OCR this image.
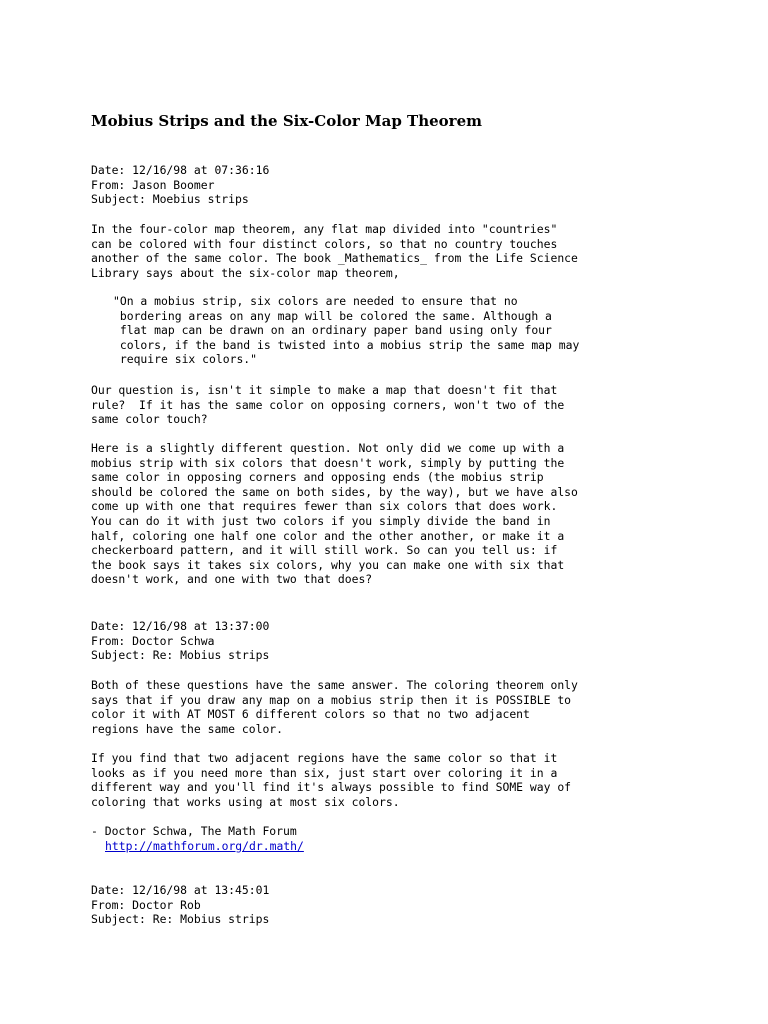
Mobius Strips and the Six-Color Map Theorem
Date: 12/16/98 at 07:36:16
From: Jason Boomer
Subject: Moebius strips
In the four-color map theorem, any flat map divided into "countries"
can be colored with four distinct colors, so that no country touches
another of the same color. The book _Mathematics_ from the Life Science
Library says about the six-color map theorem,
"On a mobius strip, six colors are needed to ensure that no
bordering areas on any map will be colored the same. Although a
flat map can be drawn on an ordinary paper band using only four
colors, if the band is twisted into a mobius strip the same map may
require six colors."
Our question is, isn't it simple to make a map that doesn't fit that
rule?  If it has the same color on opposing corners, won't two of the
same color touch?
Here is a slightly different question. Not only did we come up with a
mobius strip with six colors that doesn't work, simply by putting the
same color in opposing corners and opposing ends (the mobius strip
should be colored the same on both sides, by the way), but we have also
come up with one that requires fewer than six colors that does work.
You can do it with just two colors if you simply divide the band in
half, coloring one half one color and the other another, or make it a
checkerboard pattern, and it will still work. So can you tell us: if
the book says it takes six colors, why you can make one with six that
doesn't work, and one with two that does?
Date: 12/16/98 at 13:37:00
From: Doctor Schwa
Subject: Re: Mobius strips
Both of these questions have the same answer. The coloring theorem only
says that if you draw any map on a mobius strip then it is POSSIBLE to
color it with AT MOST 6 different colors so that no two adjacent
regions have the same color.
If you find that two adjacent regions have the same color so that it
looks as if you need more than six, just start over coloring it in a
different way and you'll find it's always possible to find SOME way of
coloring that works using at most six colors.
- Doctor Schwa, The Math Forum
http://mathforum.org/dr.math/
Date: 12/16/98 at 13:45:01
From: Doctor Rob
Subject: Re: Mobius strips
